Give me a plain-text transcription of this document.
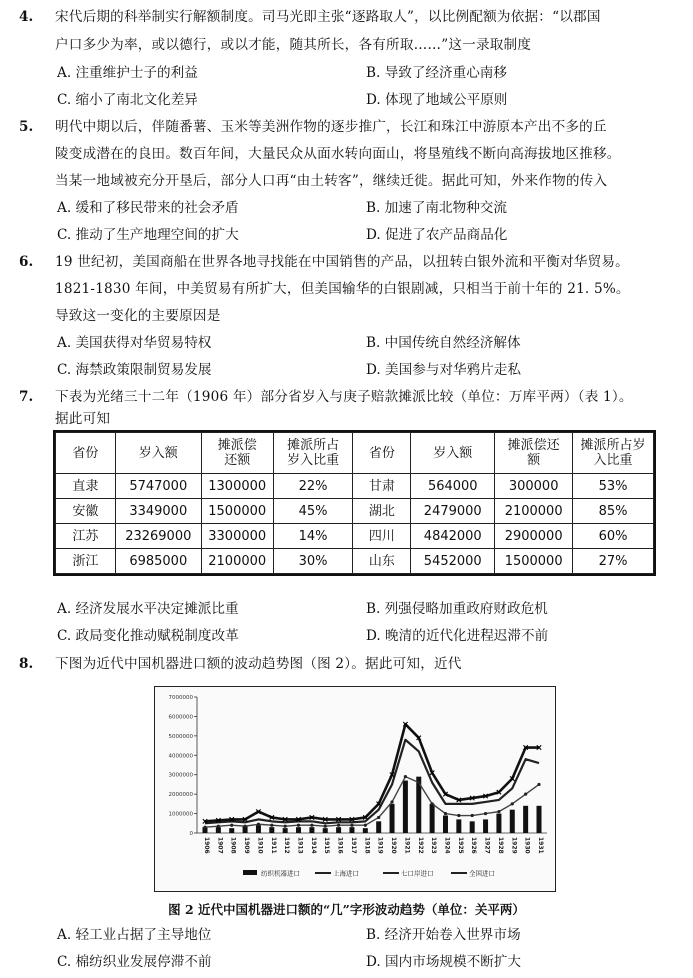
4. 宋代后期的科举制实行解额制度。司马光即主张“逐路取人”，以比例配额为依据：“以郡国
户口多少为率，或以德行，或以才能，随其所长，各有所取……”这一录取制度
A. 注重维护士子的利益	B. 导致了经济重心南移
C. 缩小了南北文化差异	D. 体现了地域公平原则
5. 明代中期以后，伴随番薯、玉米等美洲作物的逐步推广，长江和珠江中游原本产出不多的丘
陵变成潜在的良田。数百年间，大量民众从面水转向面山，将垦殖线不断向高海拔地区推移。
当某一地域被充分开垦后，部分人口再“由土转客”，继续迁徙。据此可知，外来作物的传入
A. 缓和了移民带来的社会矛盾	B. 加速了南北物种交流
C. 推动了生产地理空间的扩大	D. 促进了农产品商品化
6. 19 世纪初，美国商船在世界各地寻找能在中国销售的产品，以扭转白银外流和平衡对华贸易。
1821-1830 年间，中美贸易有所扩大，但美国输华的白银剧减，只相当于前十年的 21. 5%。
导致这一变化的主要原因是
A. 美国获得对华贸易特权	B. 中国传统自然经济解体
C. 海禁政策限制贸易发展	D. 美国参与对华鸦片走私
7. 下表为光绪三十二年（1906 年）部分省岁入与庚子赔款摊派比较（单位：万库平两）（表 1）。
据此可知
省份	岁入额	摊派偿还额	摊派所占岁入比重	省份	岁入额	摊派偿还额	摊派所占岁入比重
直隶	5747000	1300000	22%	甘肃	564000	300000	53%
安徽	3349000	1500000	45%	湖北	2479000	2100000	85%
江苏	23269000	3300000	14%	四川	4842000	2900000	60%
浙江	6985000	2100000	30%	山东	5452000	1500000	27%
A. 经济发展水平决定摊派比重	B. 列强侵略加重政府财政危机
C. 政局变化推动赋税制度改革	D. 晚清的近代化进程迟滞不前
8. 下图为近代中国机器进口额的波动趋势图（图 2）。据此可知，近代
7000000
6000000
5000000
4000000
3000000
2000000
1000000
0
1906 1907 1908 1909 1910 1911 1912 1913 1914 1915 1916 1917 1918 1919 1920 1921 1922 1923 1924 1925 1926 1927 1928 1929 1930 1931
纺织机器进口	上海进口	七口岸进口	全国进口
图 2 近代中国机器进口额的“几”字形波动趋势（单位：关平两）
A. 轻工业占据了主导地位	B. 经济开始卷入世界市场
C. 棉纺织业发展停滞不前	D. 国内市场规模不断扩大
